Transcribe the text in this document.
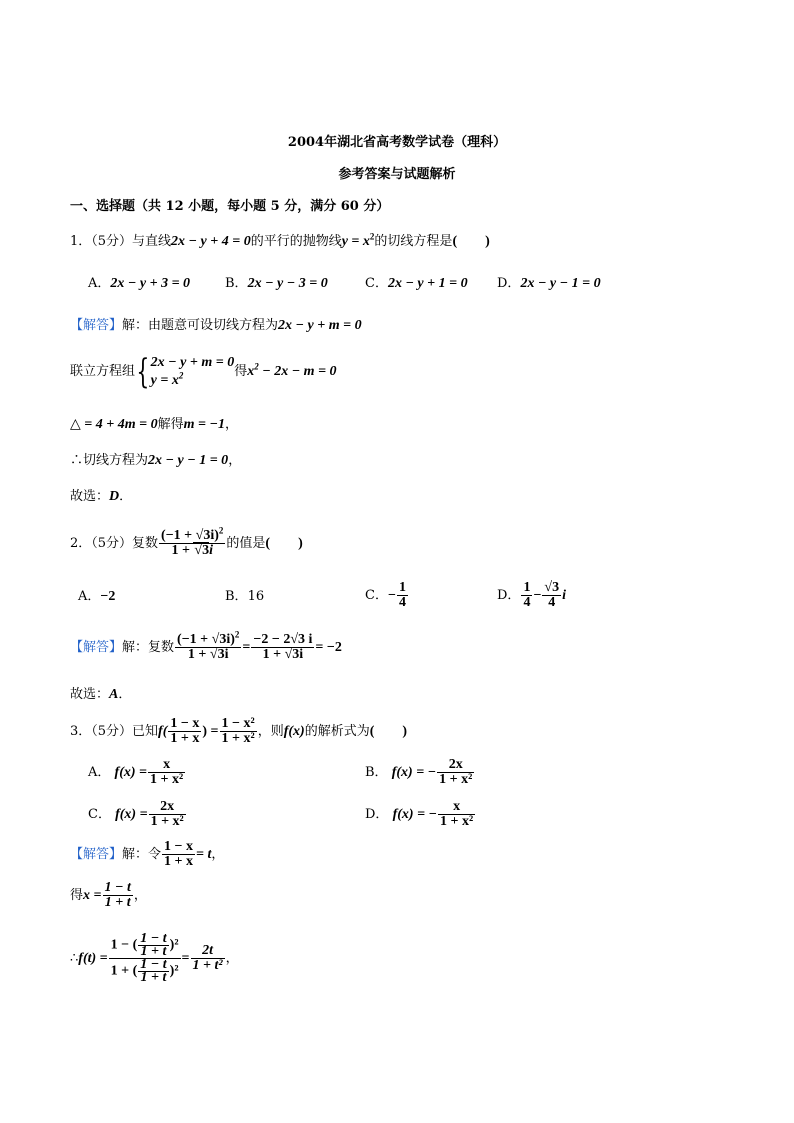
2004年湖北省高考数学试卷（理科）
参考答案与试题解析
一、选择题（共 12 小题，每小题 5 分，满分 60 分）
1．（5分）与直线2x − y + 4 = 0的平行的抛物线$y = x^2$的切线方程是(　　)
A．2x − y + 3 = 0	B．2x − y − 3 = 0	C．2x − y + 1 = 0 D．2x − y − 1 = 0
【解答】解：由题意可设切线方程为2x − y + m = 0
联立方程组{ 2x − y + m = 0
$y = x^2$	得$x^2 - 2x - m = 0$
△ = 4 + 4m = 0解得m = −1，
∴切线方程为2x − y − 1 = 0，
故选：D．
2．（5分）复数 $\frac{(-1 + √3i)^2}{1 + √3i}$ 的值是(　　)
A．−2	B．16	C．− $\frac{1}{4}$	D． $\frac{1}{4} - \frac{√3}{4}$ i
【解答】解：复数 $\frac{(-1 + √3i)^2}{1 + √3i} = \frac{-2 - 2√3 i}{1 + √3i} = -2$
故选：A．
3．（5分）已知$f( \frac{1 - x}{1 + x}$ ) = $\frac{\text{1 − x²}}{\text{1 + x²}}$ ，则f(x)的解析式为(　　)
A． $f(x) = \frac{x}{\text{1 + x²}}$	B． f(x) = − $\frac{2x}{\text{1 + x²}}$
C． $f(x) = \frac{2x}{\text{1 + x²}}$	D． f(x) = − $\frac{x}{\text{1 + x²}}$
【解答】解：令 $\frac{1 - x}{1 + x} = t$，
得$x = \frac{1 - t}{1 + t}$ ，
∴f(t) = $\frac{1 - ( \frac{1 - t}{1 + t} )^2}{1 + ( \frac{1 - t}{1 + t} )^2} = \frac{2t}{\text{1 + t²}}$ ，
